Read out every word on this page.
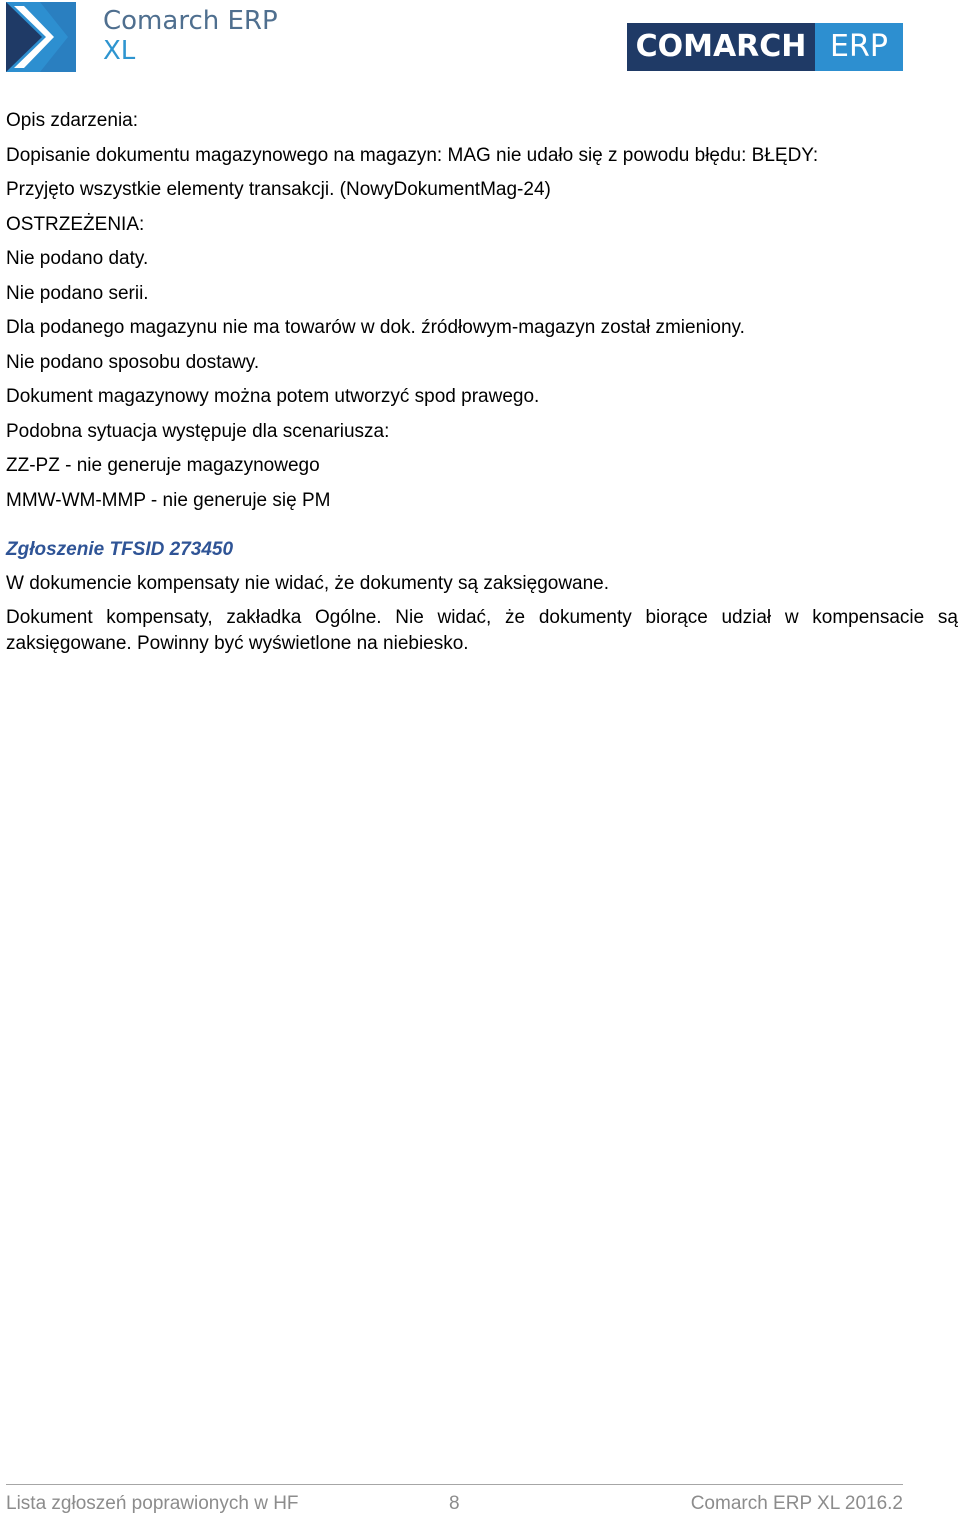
Comarch ERP
XL	COMARCH ERP
Opis zdarzenia:
Dopisanie dokumentu magazynowego na magazyn: MAG nie udało się z powodu błędu: BŁĘDY:
Przyjęto wszystkie elementy transakcji. (NowyDokumentMag-24)
OSTRZEŻENIA:
Nie podano daty.
Nie podano serii.
Dla podanego magazynu nie ma towarów w dok. źródłowym-magazyn został zmieniony.
Nie podano sposobu dostawy.
Dokument magazynowy można potem utworzyć spod prawego.
Podobna sytuacja występuje dla scenariusza:
ZZ-PZ - nie generuje magazynowego
MMW-WM-MMP - nie generuje się PM
Zgłoszenie TFSID 273450
W dokumencie kompensaty nie widać, że dokumenty są zaksięgowane.
Dokument kompensaty, zakładka Ogólne. Nie widać, że dokumenty biorące udział w kompensacie są zaksięgowane. Powinny być wyświetlone na niebiesko.
Lista zgłoszeń poprawionych w HF	8	Comarch ERP XL 2016.2
